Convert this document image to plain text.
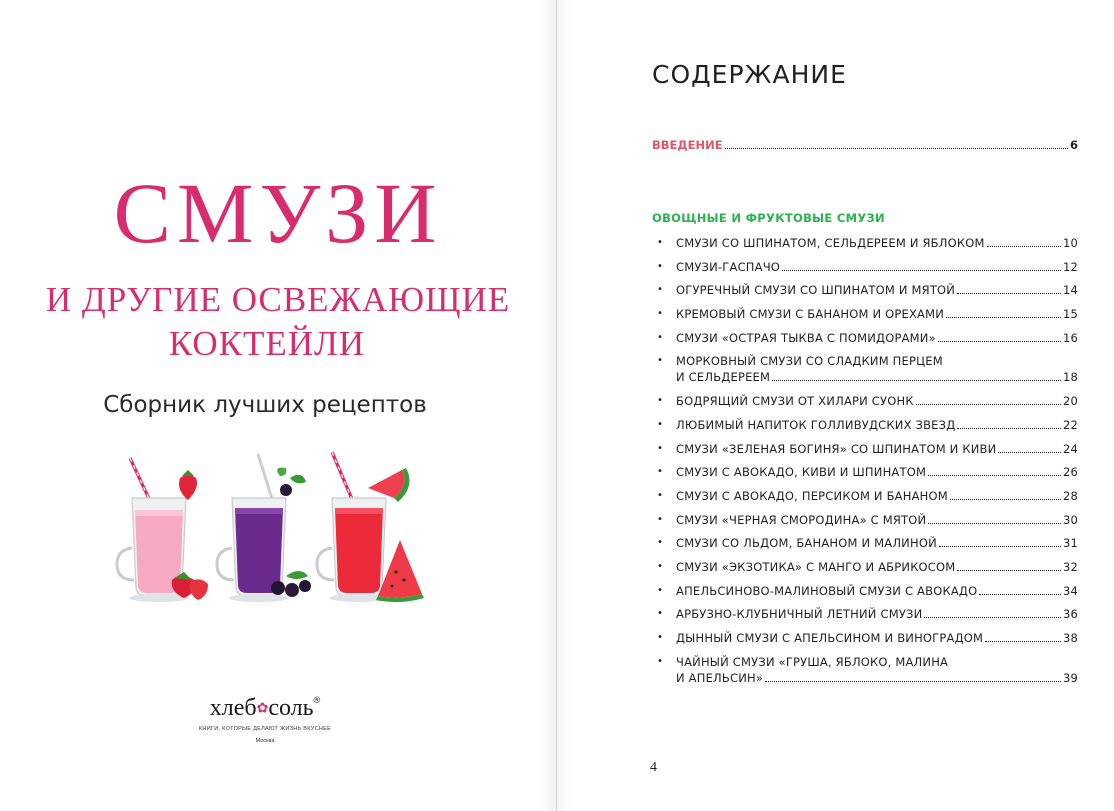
СМУЗИ
И ДРУГИЕ ОСВЕЖАЮЩИЕ
КОКТЕЙЛИ
Сборник лучших рецептов
хлеб✿соль®
КНИГИ, КОТОРЫЕ ДЕЛАЮТ ЖИЗНЬ ВКУСНЕЕ
Москва
СОДЕРЖАНИЕ
ВВЕДЕНИЕ	6
ОВОЩНЫЕ И ФРУКТОВЫЕ СМУЗИ
• СМУЗИ СО ШПИНАТОМ, СЕЛЬДЕРЕЕМ И ЯБЛОКОМ	10
• СМУЗИ-ГАСПАЧО	12
• ОГУРЕЧНЫЙ СМУЗИ СО ШПИНАТОМ И МЯТОЙ	14
• КРЕМОВЫЙ СМУЗИ С БАНАНОМ И ОРЕХАМИ	15
• СМУЗИ «ОСТРАЯ ТЫКВА С ПОМИДОРАМИ»	16
• МОРКОВНЫЙ СМУЗИ СО СЛАДКИМ ПЕРЦЕМ
И СЕЛЬДЕРЕЕМ	18
• БОДРЯЩИЙ СМУЗИ ОТ ХИЛАРИ СУОНК	20
• ЛЮБИМЫЙ НАПИТОК ГОЛЛИВУДСКИХ ЗВЕЗД	22
• СМУЗИ «ЗЕЛЕНАЯ БОГИНЯ» СО ШПИНАТОМ И КИВИ	24
• СМУЗИ С АВОКАДО, КИВИ И ШПИНАТОМ	26
• СМУЗИ С АВОКАДО, ПЕРСИКОМ И БАНАНОМ	28
• СМУЗИ «ЧЕРНАЯ СМОРОДИНА» С МЯТОЙ	30
• СМУЗИ СО ЛЬДОМ, БАНАНОМ И МАЛИНОЙ	31
• СМУЗИ «ЭКЗОТИКА» С МАНГО И АБРИКОСОМ	32
• АПЕЛЬСИНОВО-МАЛИНОВЫЙ СМУЗИ С АВОКАДО	34
• АРБУЗНО-КЛУБНИЧНЫЙ ЛЕТНИЙ СМУЗИ	36
• ДЫННЫЙ СМУЗИ С АПЕЛЬСИНОМ И ВИНОГРАДОМ	38
• ЧАЙНЫЙ СМУЗИ «ГРУША, ЯБЛОКО, МАЛИНА
И АПЕЛЬСИН»	39
4
